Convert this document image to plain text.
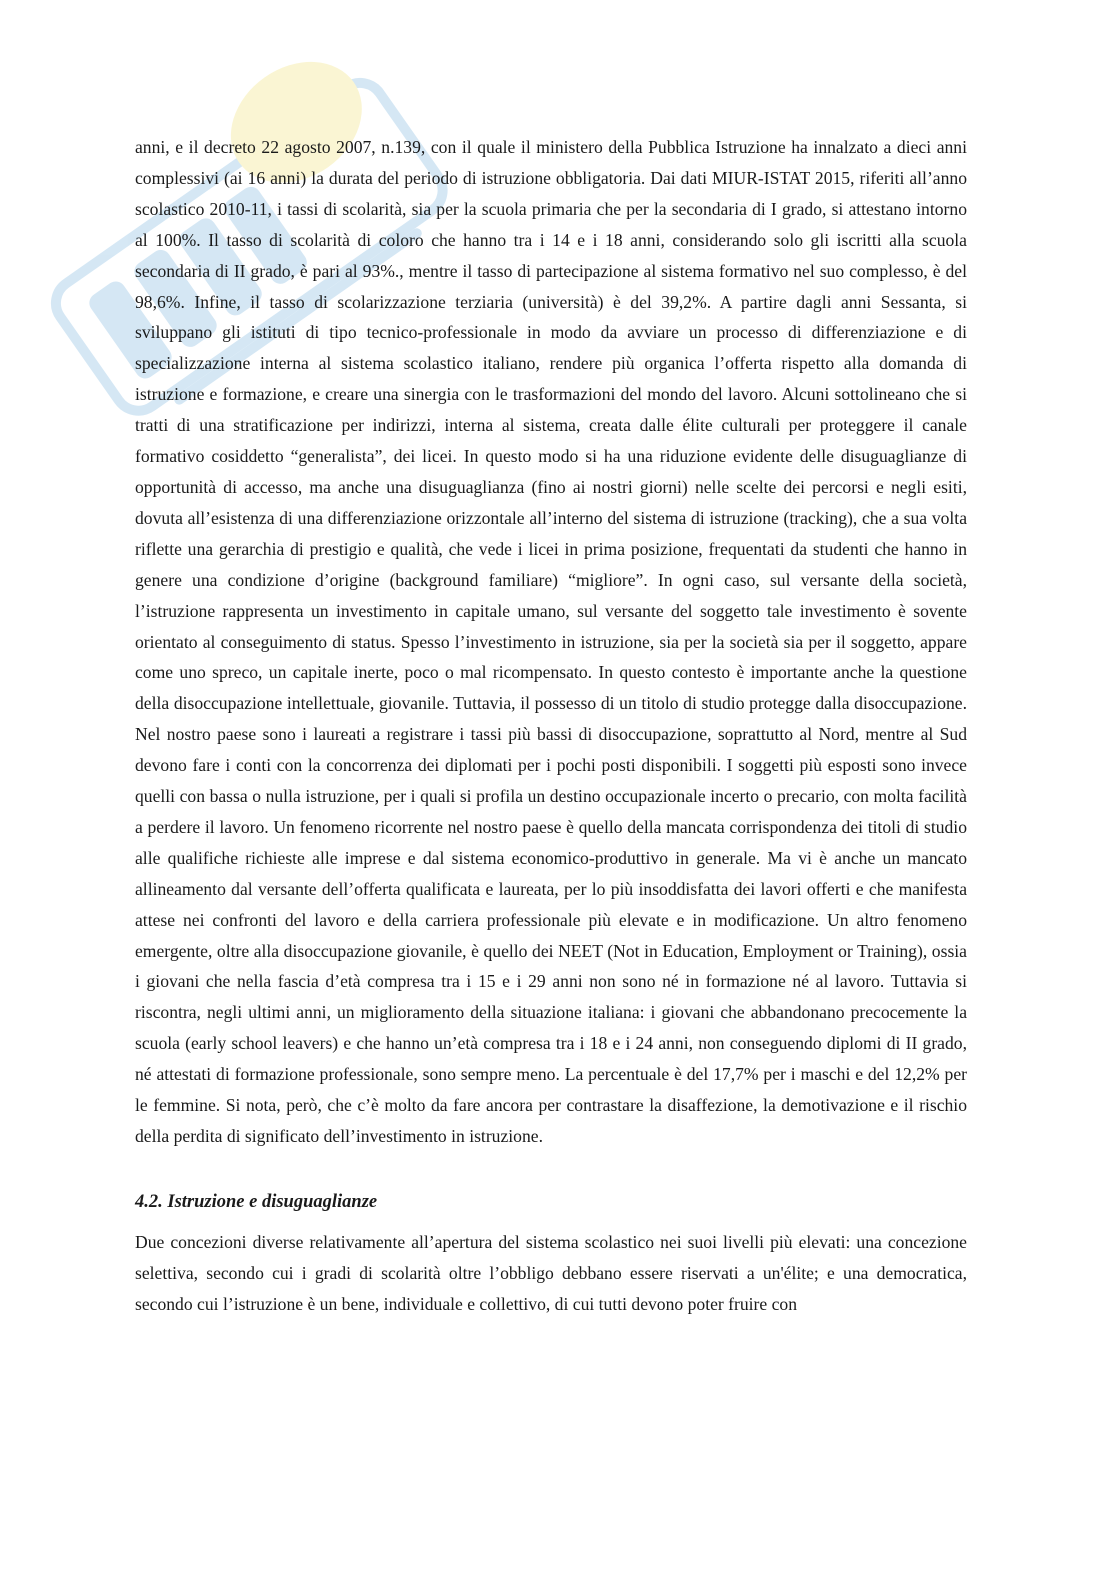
anni, e il decreto 22 agosto 2007, n.139, con il quale il ministero della Pubblica Istruzione ha innalzato a dieci anni complessivi (ai 16 anni) la durata del periodo di istruzione obbligatoria. Dai dati MIUR-ISTAT 2015, riferiti all’anno scolastico 2010-11, i tassi di scolarità, sia per la scuola primaria che per la secondaria di I grado, si attestano intorno al 100%. Il tasso di scolarità di coloro che hanno tra i 14 e i 18 anni, considerando solo gli iscritti alla scuola secondaria di II grado, è pari al 93%., mentre il tasso di partecipazione al sistema formativo nel suo complesso, è del 98,6%. Infine, il tasso di scolarizzazione terziaria (università) è del 39,2%. A partire dagli anni Sessanta, si sviluppano gli istituti di tipo tecnico-professionale in modo da avviare un processo di differenziazione e di specializzazione interna al sistema scolastico italiano, rendere più organica l’offerta rispetto alla domanda di istruzione e formazione, e creare una sinergia con le trasformazioni del mondo del lavoro. Alcuni sottolineano che si tratti di una stratificazione per indirizzi, interna al sistema, creata dalle élite culturali per proteggere il canale formativo cosiddetto “generalista”, dei licei. In questo modo si ha una riduzione evidente delle disuguaglianze di opportunità di accesso, ma anche una disuguaglianza (fino ai nostri giorni) nelle scelte dei percorsi e negli esiti, dovuta all’esistenza di una differenziazione orizzontale all’interno del sistema di istruzione (tracking), che a sua volta riflette una gerarchia di prestigio e qualità, che vede i licei in prima posizione, frequentati da studenti che hanno in genere una condizione d’origine (background familiare) “migliore”. In ogni caso, sul versante della società, l’istruzione rappresenta un investimento in capitale umano, sul versante del soggetto tale investimento è sovente orientato al conseguimento di status. Spesso l’investimento in istruzione, sia per la società sia per il soggetto, appare come uno spreco, un capitale inerte, poco o mal ricompensato. In questo contesto è importante anche la questione della disoccupazione intellettuale, giovanile. Tuttavia, il possesso di un titolo di studio protegge dalla disoccupazione. Nel nostro paese sono i laureati a registrare i tassi più bassi di disoccupazione, soprattutto al Nord, mentre al Sud devono fare i conti con la concorrenza dei diplomati per i pochi posti disponibili. I soggetti più esposti sono invece quelli con bassa o nulla istruzione, per i quali si profila un destino occupazionale incerto o precario, con molta facilità a perdere il lavoro. Un fenomeno ricorrente nel nostro paese è quello della mancata corrispondenza dei titoli di studio alle qualifiche richieste alle imprese e dal sistema economico-produttivo in generale. Ma vi è anche un mancato allineamento dal versante dell’offerta qualificata e laureata, per lo più insoddisfatta dei lavori offerti e che manifesta attese nei confronti del lavoro e della carriera professionale più elevate e in modificazione. Un altro fenomeno emergente, oltre alla disoccupazione giovanile, è quello dei NEET (Not in Education, Employment or Training), ossia i giovani che nella fascia d’età compresa tra i 15 e i 29 anni non sono né in formazione né al lavoro. Tuttavia si riscontra, negli ultimi anni, un miglioramento della situazione italiana: i giovani che abbandonano precocemente la scuola (early school leavers) e che hanno un’età compresa tra i 18 e i 24 anni, non conseguendo diplomi di II grado, né attestati di formazione professionale, sono sempre meno. La percentuale è del 17,7% per i maschi e del 12,2% per le femmine. Si nota, però, che c’è molto da fare ancora per contrastare la disaffezione, la demotivazione e il rischio della perdita di significato dell’investimento in istruzione.

4.2. Istruzione e disuguaglianze

Due concezioni diverse relativamente all’apertura del sistema scolastico nei suoi livelli più elevati: una concezione selettiva, secondo cui i gradi di scolarità oltre l’obbligo debbano essere riservati a un'élite; e una democratica, secondo cui l’istruzione è un bene, individuale e collettivo, di cui tutti devono poter fruire con
